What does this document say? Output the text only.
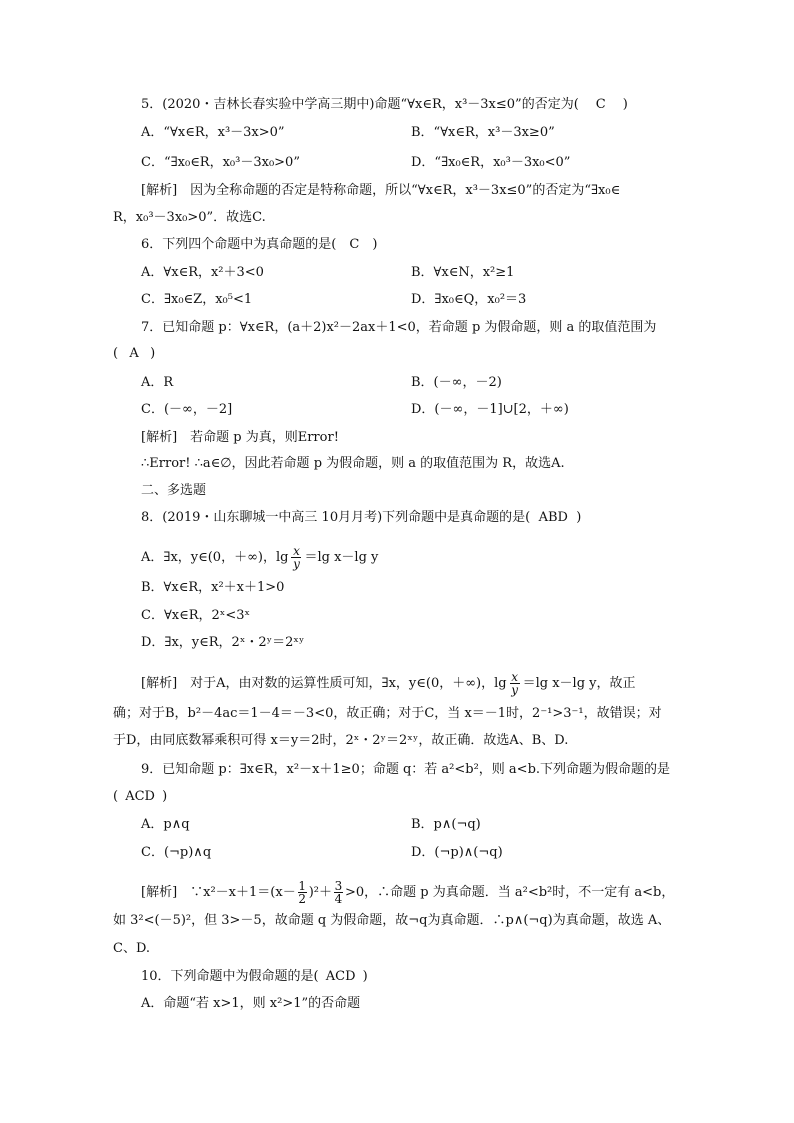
5．(2020・吉林长春实验中学高三期中)命题“∀x∈R，x³－3x≤0”的否定为( C )
A．“∀x∈R，x³－3x>0”	B．“∀x∈R，x³－3x≥0”
C．“∃x₀∈R，x₀³－3x₀>0”	D．“∃x₀∈R，x₀³－3x₀<0”
[解析]　因为全称命题的否定是特称命题，所以“∀x∈R，x³－3x≤0”的否定为“∃x₀∈
R，x₀³－3x₀>0”．故选C.
6．下列四个命题中为真命题的是( C )
A．∀x∈R，x²＋3<0	B．∀x∈N，x²≥1
C．∃x₀∈Z，x₀⁵<1	D．∃x₀∈Q，x₀²＝3
7．已知命题 p：∀x∈R，(a＋2)x²－2ax＋1<0，若命题 p 为假命题，则 a 的取值范围为
( A )
A．R	B．(－∞，－2)
C．(－∞，－2]	D．(－∞，－1]∪[2，＋∞)
[解析]　若命题 p 为真，则Error!
∴Error! ∴a∈∅，因此若命题 p 为假命题，则 a 的取值范围为 R，故选A.
二、多选题
8．(2019・山东聊城一中高三 10月月考)下列命题中是真命题的是( ABD )
A．∃x，y∈(0，＋∞)，lg x
y ＝lg x－lg y
B．∀x∈R，x²＋x＋1>0
C．∀x∈R，2ˣ<3ˣ
D．∃x，y∈R，2ˣ・2ʸ＝2ˣʸ
[解析]　对于A，由对数的运算性质可知，∃x，y∈(0，＋∞)，lg x
y ＝lg x－lg y，故正
确；对于B，b²－4ac＝1－4＝－3<0，故正确；对于C，当 x＝－1时，2⁻¹>3⁻¹，故错误；对
于D，由同底数幂乘积可得 x＝y＝2时，2ˣ・2ʸ＝2ˣʸ，故正确．故选A、B、D.
9．已知命题 p：∃x∈R，x²－x＋1≥0；命题 q：若 a²<b²，则 a<b.下列命题为假命题的是
( ACD )
A．p∧q	B．p∧(¬q)
C．(¬p)∧q	D．(¬p)∧(¬q)
[解析]　∵x²－x＋1＝(x－ 1
2 )²＋ 3
4 >0，∴命题 p 为真命题．当 a²<b²时，不一定有 a<b，
如 3²<(－5)²，但 3>－5，故命题 q 为假命题，故¬q为真命题．∴p∧(¬q)为真命题，故选 A、
C、D.
10．下列命题中为假命题的是( ACD )
A．命题“若 x>1，则 x²>1”的否命题
